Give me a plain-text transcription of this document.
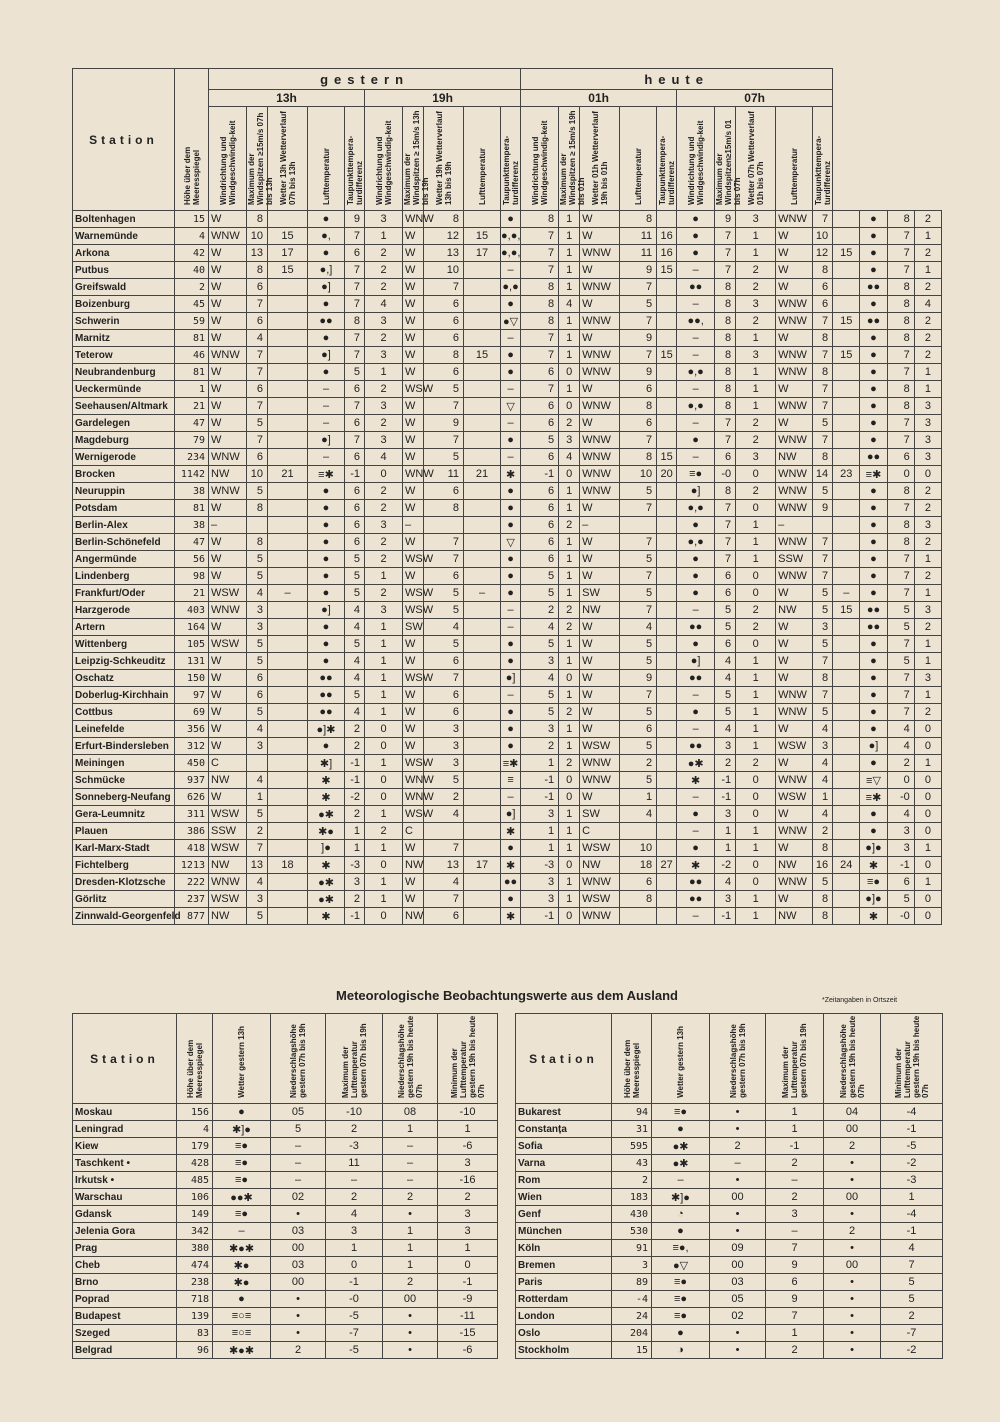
Station	Höhe über dem Meeresspiegel	gestern										heute													
		13h					19h					01h					07h								
		Windrichtung und Windgeschwindig-keit	Maximum der Windspitzen ≥15m/s 07h bis 13h	Wetter 13h Wetterverlauf 07h bis 13h	Lufttemperatur	Taupunkttempera-turdifferenz	Windrichtung und Windgeschwindig-keit	Maximum der Windspitzen ≥ 15m/s 13h bis 19h	Wetter 19h Wetterverlauf 13h bis 19h	Lufttemperatur	Taupunkttempera-turdifferenz	Windrichtung und Windgeschwindig-keit	Maximum der Windspitzen ≥ 15m/s 19h bis 01h	Wetter 01h Wetterverlauf 19h bis 01h	Lufttemperatur	Taupunkttempera-turdifferenz	Windrichtung und Windgeschwindig-keit	Maximum der Windspitzen≥15m/s 01 bis 07h	Wetter 07h Wetterverlauf 01h bis 07h	Lufttemperatur	Taupunkttempera-turdifferenz				
Boltenhagen	15	W	8		●	9	3	WNW	8		●	8	1	W	8		●	9	3	WNW	7		●	8	2
Warnemünde	4	WNW	10	15	●,	7	1	W	12	15	●,●,	7	1	W	11	16	●	7	1	W	10		●	7	1
Arkona	42	W	13	17	●	6	2	W	13	17	●,●,	7	1	WNW	11	16	●	7	1	W	12	15	●	7	2
Putbus	40	W	8	15	●,]	7	2	W	10		–	7	1	W	9	15	–	7	2	W	8		●	7	1
Greifswald	2	W	6		●]	7	2	W	7		●,●	8	1	WNW	7		●●	8	2	W	6		●●	8	2
Boizenburg	45	W	7		●	7	4	W	6		●	8	4	W	5		–	8	3	WNW	6		●	8	4
Schwerin	59	W	6		●●	8	3	W	6		●▽	8	1	WNW	7		●●,	8	2	WNW	7	15	●●	8	2
Marnitz	81	W	4		●	7	2	W	6		–	7	1	W	9		–	8	1	W	8		●	8	2
Teterow	46	WNW	7		●]	7	3	W	8	15	●	7	1	WNW	7	15	–	8	3	WNW	7	15	●	7	2
Neubrandenburg	81	W	7		●	5	1	W	6		●	6	0	WNW	9		●,●	8	1	WNW	8		●	7	1
Ueckermünde	1	W	6		–	6	2	WSW	5		–	7	1	W	6		–	8	1	W	7		●	8	1
Seehausen/Altmark	21	W	7		–	7	3	W	7		▽	6	0	WNW	8		●,●	8	1	WNW	7		●	8	3
Gardelegen	47	W	5		–	6	2	W	9		–	6	2	W	6		–	7	2	W	5		●	7	3
Magdeburg	79	W	7		●]	7	3	W	7		●	5	3	WNW	7		●	7	2	WNW	7		●	7	3
Wernigerode	234	WNW	6		–	6	4	W	5		–	6	4	WNW	8	15	–	6	3	NW	8		●●	6	3
Brocken	1142	NW	10	21	≡✱	-1	0	WNW	11	21	✱	-1	0	WNW	10	20	≡●	-0	0	WNW	14	23	≡✱	0	0
Neuruppin	38	WNW	5		●	6	2	W	6		●	6	1	WNW	5		●]	8	2	WNW	5		●	8	2
Potsdam	81	W	8		●	6	2	W	8		●	6	1	W	7		●,●	7	0	WNW	9		●	7	2
Berlin-Alex	38	–			●	6	3	–			●	6	2	–			●	7	1	–			●	8	3
Berlin-Schönefeld	47	W	8		●	6	2	W	7		▽	6	1	W	7		●,●	7	1	WNW	7		●	8	2
Angermünde	56	W	5		●	5	2	WSW	7		●	6	1	W	5		●	7	1	SSW	7		●	7	1
Lindenberg	98	W	5		●	5	1	W	6		●	5	1	W	7		●	6	0	WNW	7		●	7	2
Frankfurt/Oder	21	WSW	4	–	●	5	2	WSW	5	–	●	5	1	SW	5		●	6	0	W	5	–	●	7	1
Harzgerode	403	WNW	3		●]	4	3	WSW	5		–	2	2	NW	7		–	5	2	NW	5	15	●●	5	3
Artern	164	W	3		●	4	1	SW	4		–	4	2	W	4		●●	5	2	W	3		●●	5	2
Wittenberg	105	WSW	5		●	5	1	W	5		●	5	1	W	5		●	6	0	W	5		●	7	1
Leipzig-Schkeuditz	131	W	5		●	4	1	W	6		●	3	1	W	5		●]	4	1	W	7		●	5	1
Oschatz	150	W	6		●●	4	1	WSW	7		●]	4	0	W	9		●●	4	1	W	8		●	7	3
Doberlug-Kirchhain	97	W	6		●●	5	1	W	6		–	5	1	W	7		–	5	1	WNW	7		●	7	1
Cottbus	69	W	5		●●	4	1	W	6		●	5	2	W	5		●	5	1	WNW	5		●	7	2
Leinefelde	356	W	4		●]✱	2	0	W	3		●	3	1	W	6		–	4	1	W	4		●	4	0
Erfurt-Bindersleben	312	W	3		●	2	0	W	3		●	2	1	WSW	5		●●	3	1	WSW	3		●]	4	0
Meiningen	450	C			✱]	-1	1	WSW	3		≡✱	1	2	WNW	2		●✱	2	2	W	4		●	2	1
Schmücke	937	NW	4		✱	-1	0	WNW	5		≡	-1	0	WNW	5		✱	-1	0	WNW	4		≡▽	0	0
Sonneberg-Neufang	626	W	1		✱	-2	0	WNW	2		–	-1	0	W	1		–	-1	0	WSW	1		≡✱	-0	0
Gera-Leumnitz	311	WSW	5		●✱	2	1	WSW	4		●]	3	1	SW	4		●	3	0	W	4		●	4	0
Plauen	386	SSW	2		✱●	1	2	C			✱	1	1	C			–	1	1	WNW	2		●	3	0
Karl-Marx-Stadt	418	WSW	7		]●	1	1	W	7		●	1	1	WSW	10		●	1	1	W	8		●]●	3	1
Fichtelberg	1213	NW	13	18	✱	-3	0	NW	13	17	✱	-3	0	NW	18	27	✱	-2	0	NW	16	24	✱	-1	0
Dresden-Klotzsche	222	WNW	4		●✱	3	1	W	4		●●	3	1	WNW	6		●●	4	0	WNW	5		≡●	6	1
Görlitz	237	WSW	3		●✱	2	1	W	7		●	3	1	WSW	8		●●	3	1	W	8		●]●	5	0
Zinnwald-Georgenfeld	877	NW	5		✱	-1	0	NW	6		✱	-1	0	WNW			–	-1	1	NW	8		✱	-0	0
Meteorologische Beobachtungswerte aus dem Ausland	*Zeitangaben in Ortszeit
Station	Höhe über dem Meeresspiegel	Wetter gestern 13h	Niederschlagshöhe gestern 07h bis 19h	Maximum der Lufttemperatur gestern 07h bis 19h	Niederschlagshöhe gestern 19h bis heute 07h	Minimum der Lufttemperatur gestern 19h bis heute 07h
Moskau	156	●	05	-10	08	-10
Leningrad	4	✱]●	5	2	1	1
Kiew	179	≡●	–	-3	–	-6
Taschkent •	428	≡●	–	11	–	3
Irkutsk •	485	≡●	–	–	–	-16
Warschau	106	●●✱	02	2	2	2
Gdansk	149	≡●	•	4	•	3
Jelenia Gora	342	–	03	3	1	3
Prag	380	✱●✱	00	1	1	1
Cheb	474	✱●	03	0	1	0
Brno	238	✱●	00	-1	2	-1
Poprad	718	●	•	-0	00	-9
Budapest	139	≡○≡	•	-5	•	-11
Szeged	83	≡○≡	•	-7	•	-15
Belgrad	96	✱●✱	2	-5	•	-6
Station	Höhe über dem Meeresspiegel	Wetter gestern 13h	Niederschlagshöhe gestern 07h bis 19h	Maximum der Lufttemperatur gestern 07h bis 19h	Niederschlagshöhe gestern 19h bis heute 07h	Minimum der Lufttemperatur gestern 19h bis heute 07h
Bukarest	94	≡●	•	1	04	-4
Constanța	31	●	•	1	00	-1
Sofia	595	●✱	2	-1	2	-5
Varna	43	●✱	–	2	•	-2
Rom	2	–	•	–	•	-3
Wien	183	✱]●	00	2	00	1
Genf	430	◔	•	3	•	-4
München	530	●	•	–	2	-1
Köln	91	≡●,	09	7	•	4
Bremen	3	●▽	00	9	00	7
Paris	89	≡●	03	6	•	5
Rotterdam	-4	≡●	05	9	•	5
London	24	≡●	02	7	•	2
Oslo	204	●	•	1	•	-7
Stockholm	15	◑	•	2	•	-2
